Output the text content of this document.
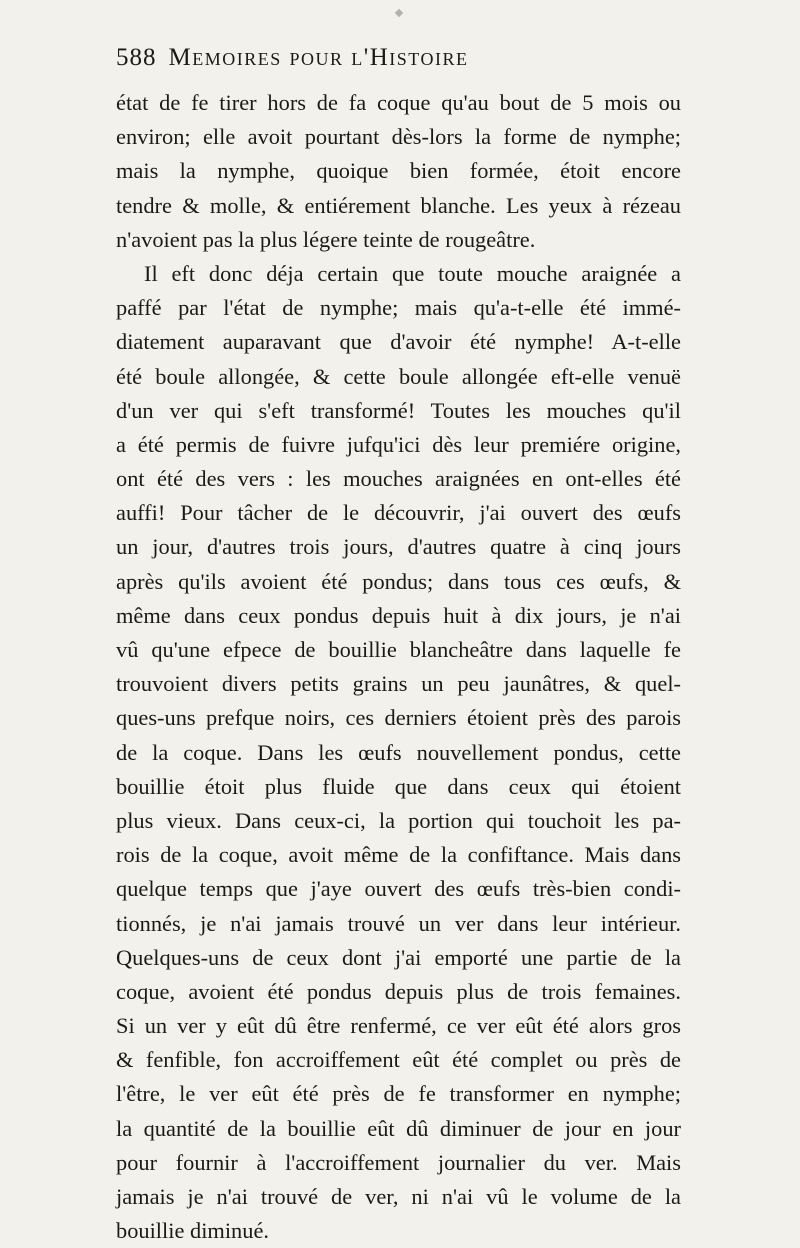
588 Memoires pour l'Histoire
état de fe tirer hors de fa coque qu'au bout de 5 mois ou
environ; elle avoit pourtant dès-lors la forme de nymphe;
mais la nymphe, quoique bien formée, étoit encore
tendre & molle, & entiérement blanche. Les yeux à rézeau
n'avoient pas la plus légere teinte de rougeâtre.
Il eft donc déja certain que toute mouche araignée a
paffé par l'état de nymphe; mais qu'a-t-elle été immé-
diatement auparavant que d'avoir été nymphe! A-t-elle
été boule allongée, & cette boule allongée eft-elle venuë
d'un ver qui s'eft transformé! Toutes les mouches qu'il
a été permis de fuivre jufqu'ici dès leur premiére origine,
ont été des vers : les mouches araignées en ont-elles été
auffi! Pour tâcher de le découvrir, j'ai ouvert des œufs
un jour, d'autres trois jours, d'autres quatre à cinq jours
après qu'ils avoient été pondus; dans tous ces œufs, &
même dans ceux pondus depuis huit à dix jours, je n'ai
vû qu'une efpece de bouillie blancheâtre dans laquelle fe
trouvoient divers petits grains un peu jaunâtres, & quel-
ques-uns prefque noirs, ces derniers étoient près des parois
de la coque. Dans les œufs nouvellement pondus, cette
bouillie étoit plus fluide que dans ceux qui étoient
plus vieux. Dans ceux-ci, la portion qui touchoit les pa-
rois de la coque, avoit même de la confiftance. Mais dans
quelque temps que j'aye ouvert des œufs très-bien condi-
tionnés, je n'ai jamais trouvé un ver dans leur intérieur.
Quelques-uns de ceux dont j'ai emporté une partie de la
coque, avoient été pondus depuis plus de trois femaines.
Si un ver y eût dû être renfermé, ce ver eût été alors gros
& fenfible, fon accroiffement eût été complet ou près de
l'être, le ver eût été près de fe transformer en nymphe;
la quantité de la bouillie eût dû diminuer de jour en jour
pour fournir à l'accroiffement journalier du ver. Mais
jamais je n'ai trouvé de ver, ni n'ai vû le volume de la
bouillie diminué.
